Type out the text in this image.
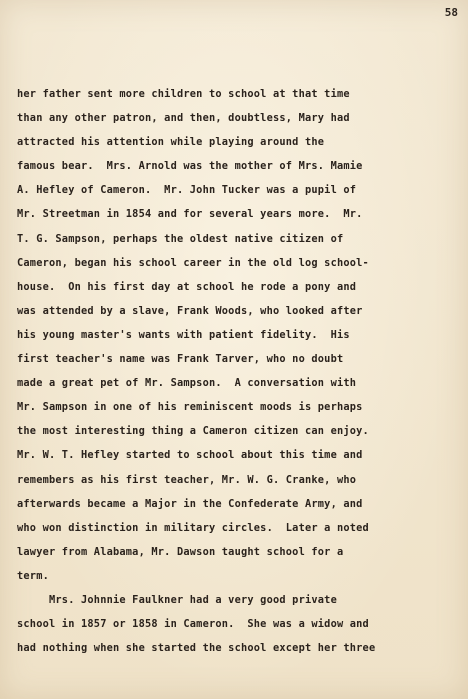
58
her father sent more children to school at that time
than any other patron, and then, doubtless, Mary had
attracted his attention while playing around the
famous bear.  Mrs. Arnold was the mother of Mrs. Mamie
A. Hefley of Cameron.  Mr. John Tucker was a pupil of
Mr. Streetman in 1854 and for several years more.  Mr.
T. G. Sampson, perhaps the oldest native citizen of
Cameron, began his school career in the old log school-
house.  On his first day at school he rode a pony and
was attended by a slave, Frank Woods, who looked after
his young master's wants with patient fidelity.  His
first teacher's name was Frank Tarver, who no doubt
made a great pet of Mr. Sampson.  A conversation with
Mr. Sampson in one of his reminiscent moods is perhaps
the most interesting thing a Cameron citizen can enjoy.
Mr. W. T. Hefley started to school about this time and
remembers as his first teacher, Mr. W. G. Cranke, who
afterwards became a Major in the Confederate Army, and
who won distinction in military circles.  Later a noted
lawyer from Alabama, Mr. Dawson taught school for a
term.
Mrs. Johnnie Faulkner had a very good private
school in 1857 or 1858 in Cameron.  She was a widow and
had nothing when she started the school except her three
